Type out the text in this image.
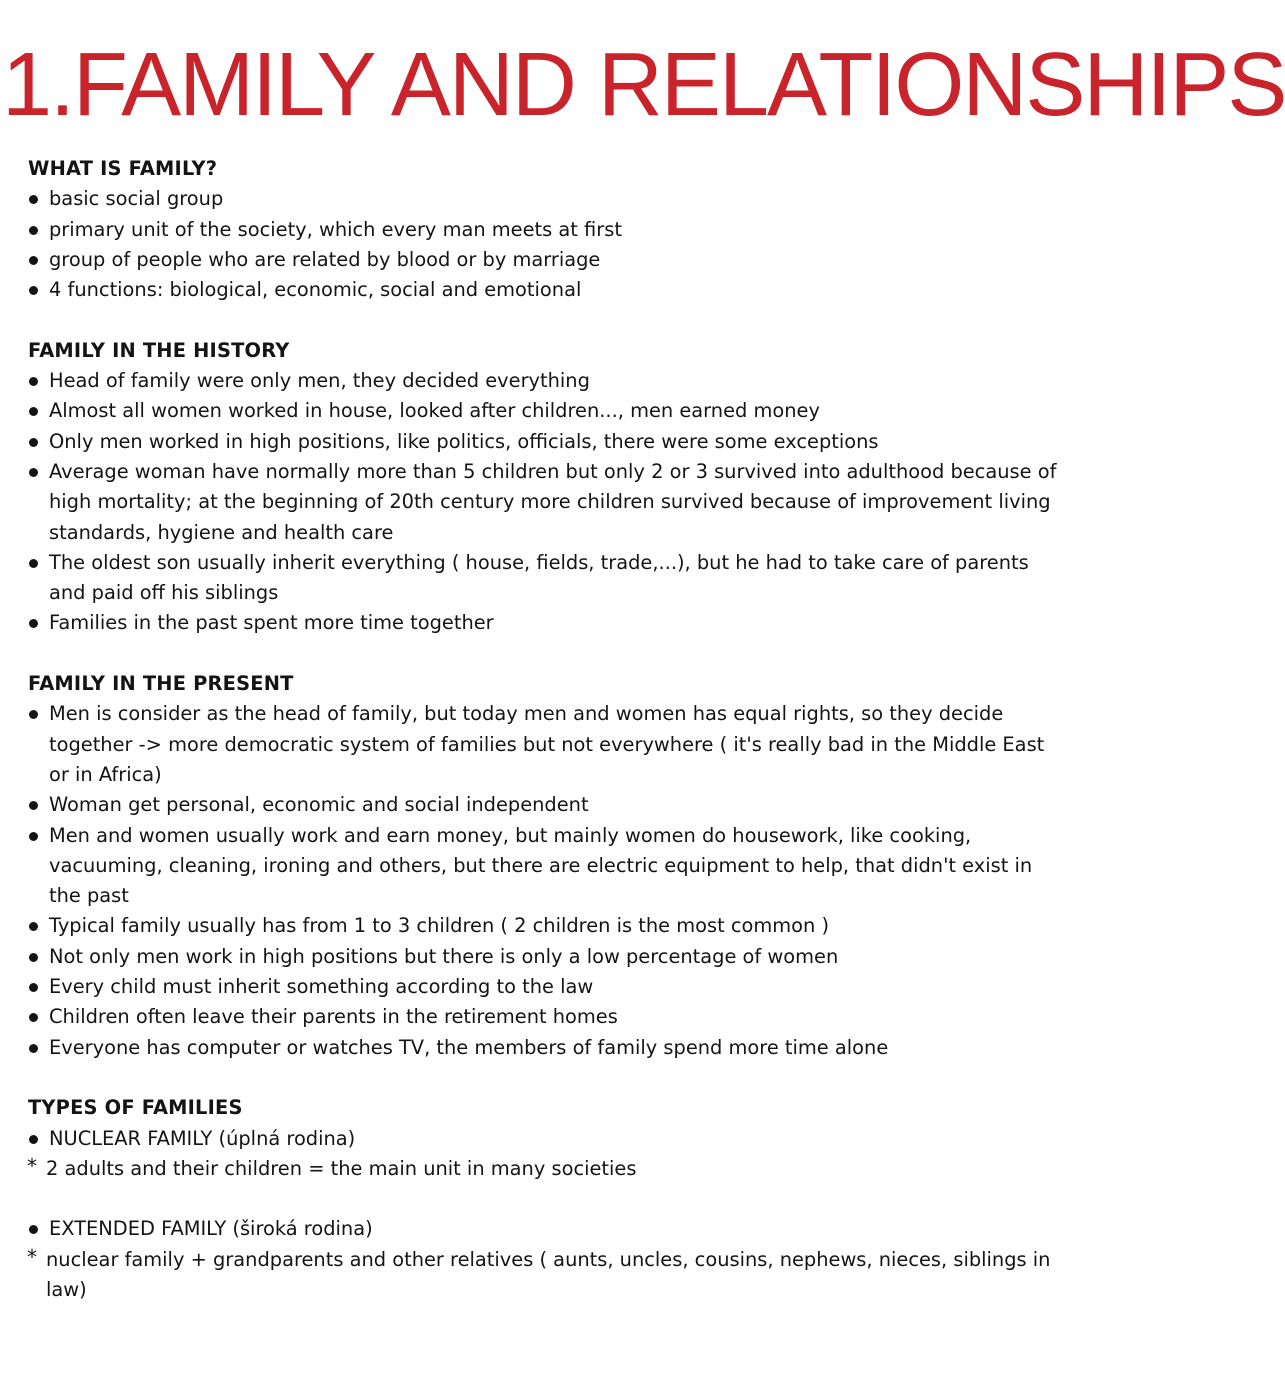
1.FAMILY AND RELATIONSHIPS
WHAT IS FAMILY?
basic social group
primary unit of the society, which every man meets at first
group of people who are related by blood or by marriage
4 functions: biological, economic, social and emotional
FAMILY IN THE HISTORY
Head of family were only men, they decided everything
Almost all women worked in house, looked after children..., men earned money
Only men worked in high positions, like politics, officials, there were some exceptions
Average woman have normally more than 5 children but only 2 or 3 survived into adulthood because of high mortality; at the beginning of 20th century more children survived because of improvement living standards, hygiene and health care
The oldest son usually inherit everything ( house, fields, trade,...), but he had to take care of parents and paid off his siblings
Families in the past spent more time together
FAMILY IN THE PRESENT
Men is consider as the head of family, but today men and women has equal rights, so they decide together -> more democratic system of families but not everywhere ( it's really bad in the Middle East or in Africa)
Woman get personal, economic and social independent
Men and women usually work and earn money, but mainly women do housework, like cooking, vacuuming, cleaning, ironing and others, but there are electric equipment to help, that didn't exist in the past
Typical family usually has from 1 to 3 children ( 2 children is the most common )
Not only men work in high positions but there is only a low percentage of women
Every child must inherit something according to the law
Children often leave their parents in the retirement homes
Everyone has computer or watches TV, the members of family spend more time alone
TYPES OF FAMILIES
NUCLEAR FAMILY (úplná rodina)

* 2 adults and their children = the main unit in many societies

EXTENDED FAMILY (široká rodina)

* nuclear family + grandparents and other relatives ( aunts, uncles, cousins, nephews, nieces, siblings in law)
